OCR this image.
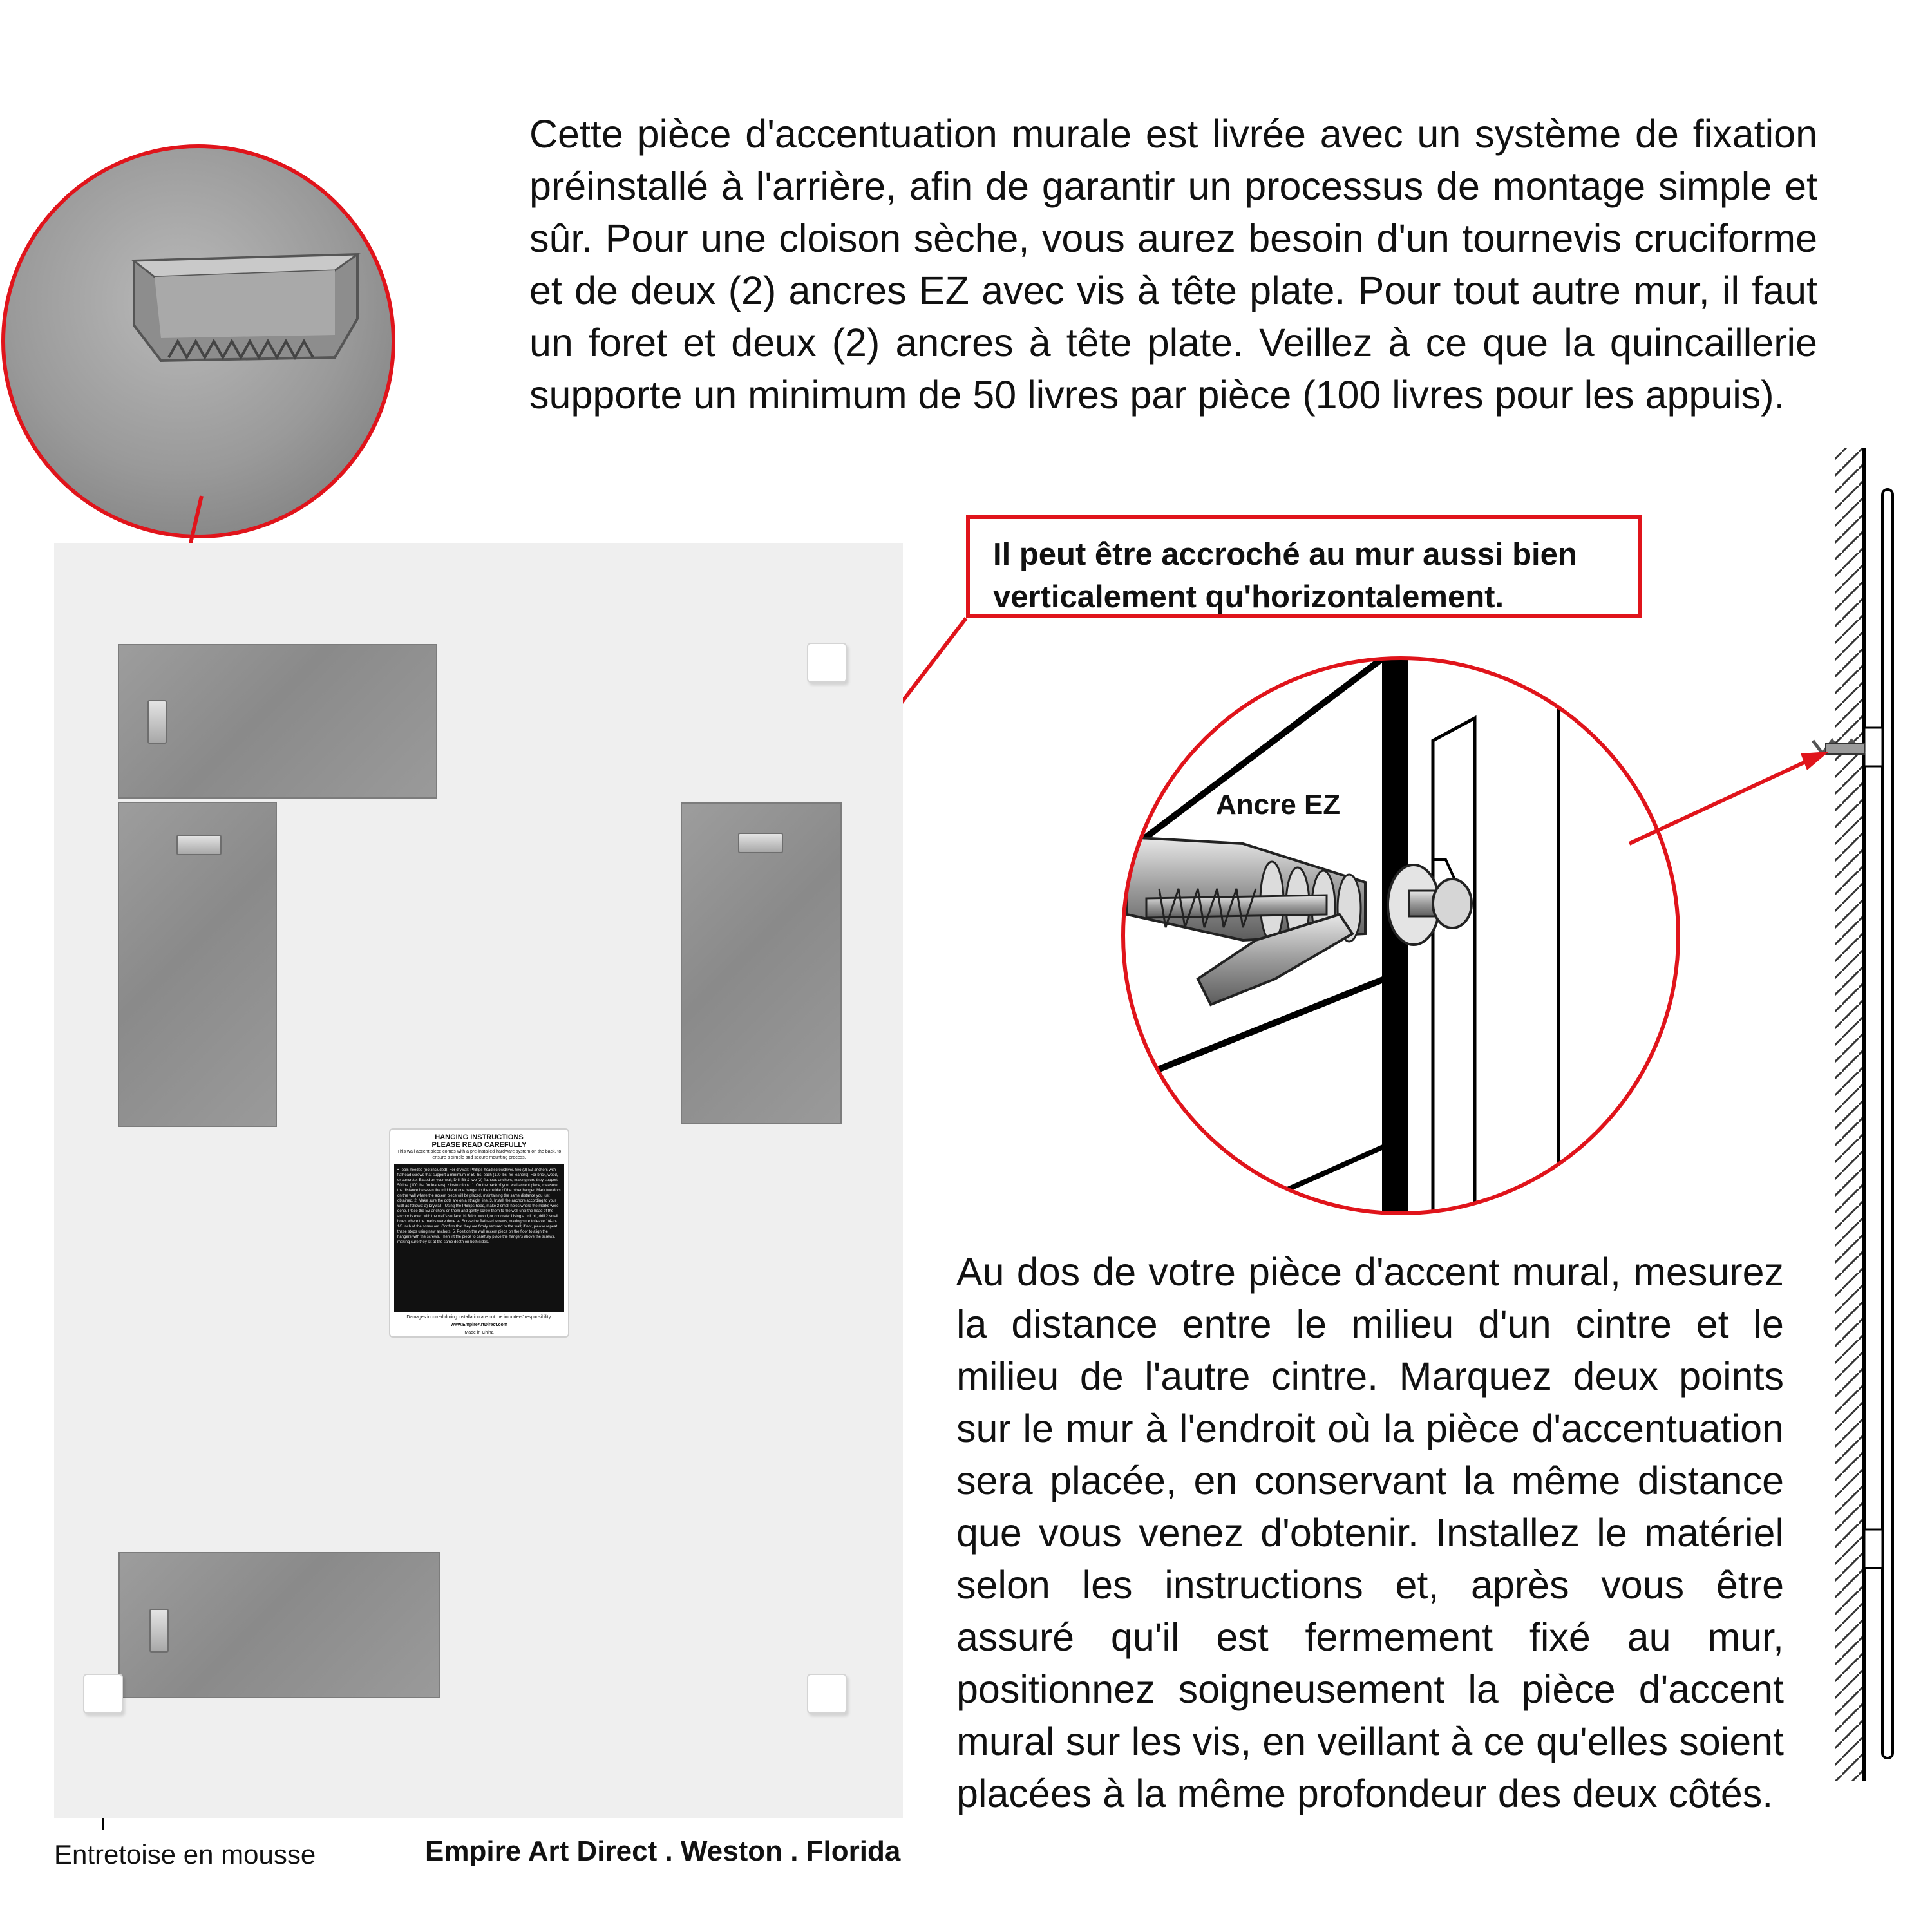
Cette pièce d'accentuation murale est livrée avec un système de fixation préinstallé à l'arrière, afin de garantir un processus de montage simple et sûr. Pour une cloison sèche, vous aurez besoin d'un tournevis cruciforme et de deux (2) ancres EZ avec vis à tête plate. Pour tout autre mur, il faut un foret et deux (2) ancres à tête plate. Veillez à ce que la quincaillerie supporte un minimum de 50 livres par pièce (100 livres pour les appuis).
Il peut être accroché au mur aussi bien verticalement qu'horizontalement.
Ancre EZ
HANGING INSTRUCTIONS
PLEASE READ CAREFULLY
This wall accent piece comes with a pre-installed hardware system on the back, to ensure a simple and secure mounting process.
• Tools needed (not included): For drywall: Phillips-head screwdriver, two (2) EZ anchors with flathead screws that support a minimum of 50 lbs. each (100 lbs. for leaners). For brick, wood, or concrete: Based on your wall; Drill Bit & two (2) flathead anchors, making sure they support 50 lbs. (100 lbs. for leaners). • Instructions: 1. On the back of your wall accent piece, measure the distance between the middle of one hanger to the middle of the other hanger. Mark two dots on the wall where the accent piece will be placed, maintaining the same distance you just obtained. 2. Make sure the dots are on a straight line. 3. Install the anchors according to your wall as follows: a) Drywall - Using the Phillips-head, make 2 small holes where the marks were done. Place the EZ anchors on them and gently screw them to the wall until the head of the anchor is even with the wall's surface. b) Brick, wood, or concrete: Using a drill bit, drill 2 small holes where the marks were done. 4. Screw the flathead screws, making sure to leave 1/4-to-1/8 inch of the screw out. Confirm that they are firmly secured to the wall; if not, please repeat these steps using new anchors. 5. Position the wall accent piece on the floor to align the hangers with the screws. Then lift the piece to carefully place the hangers above the screws, making sure they sit at the same depth on both sides.
Damages incurred during installation are not the importers' responsibility.
www.EmpireArtDirect.com
Made in China
Au dos de votre pièce d'accent mural, mesurez la distance entre le milieu d'un cintre et le milieu de l'autre cintre. Marquez deux points sur le mur à l'endroit où la pièce d'accentuation sera placée, en conservant la même distance que vous venez d'obtenir. Installez le matériel selon les instructions et, après vous être assuré qu'il est fermement fixé au mur, positionnez soigneusement la pièce d'accent mural sur les vis, en veillant à ce qu'elles soient placées à la même profondeur des deux côtés.
Entretoise en mousse	Empire Art Direct . Weston . Florida
